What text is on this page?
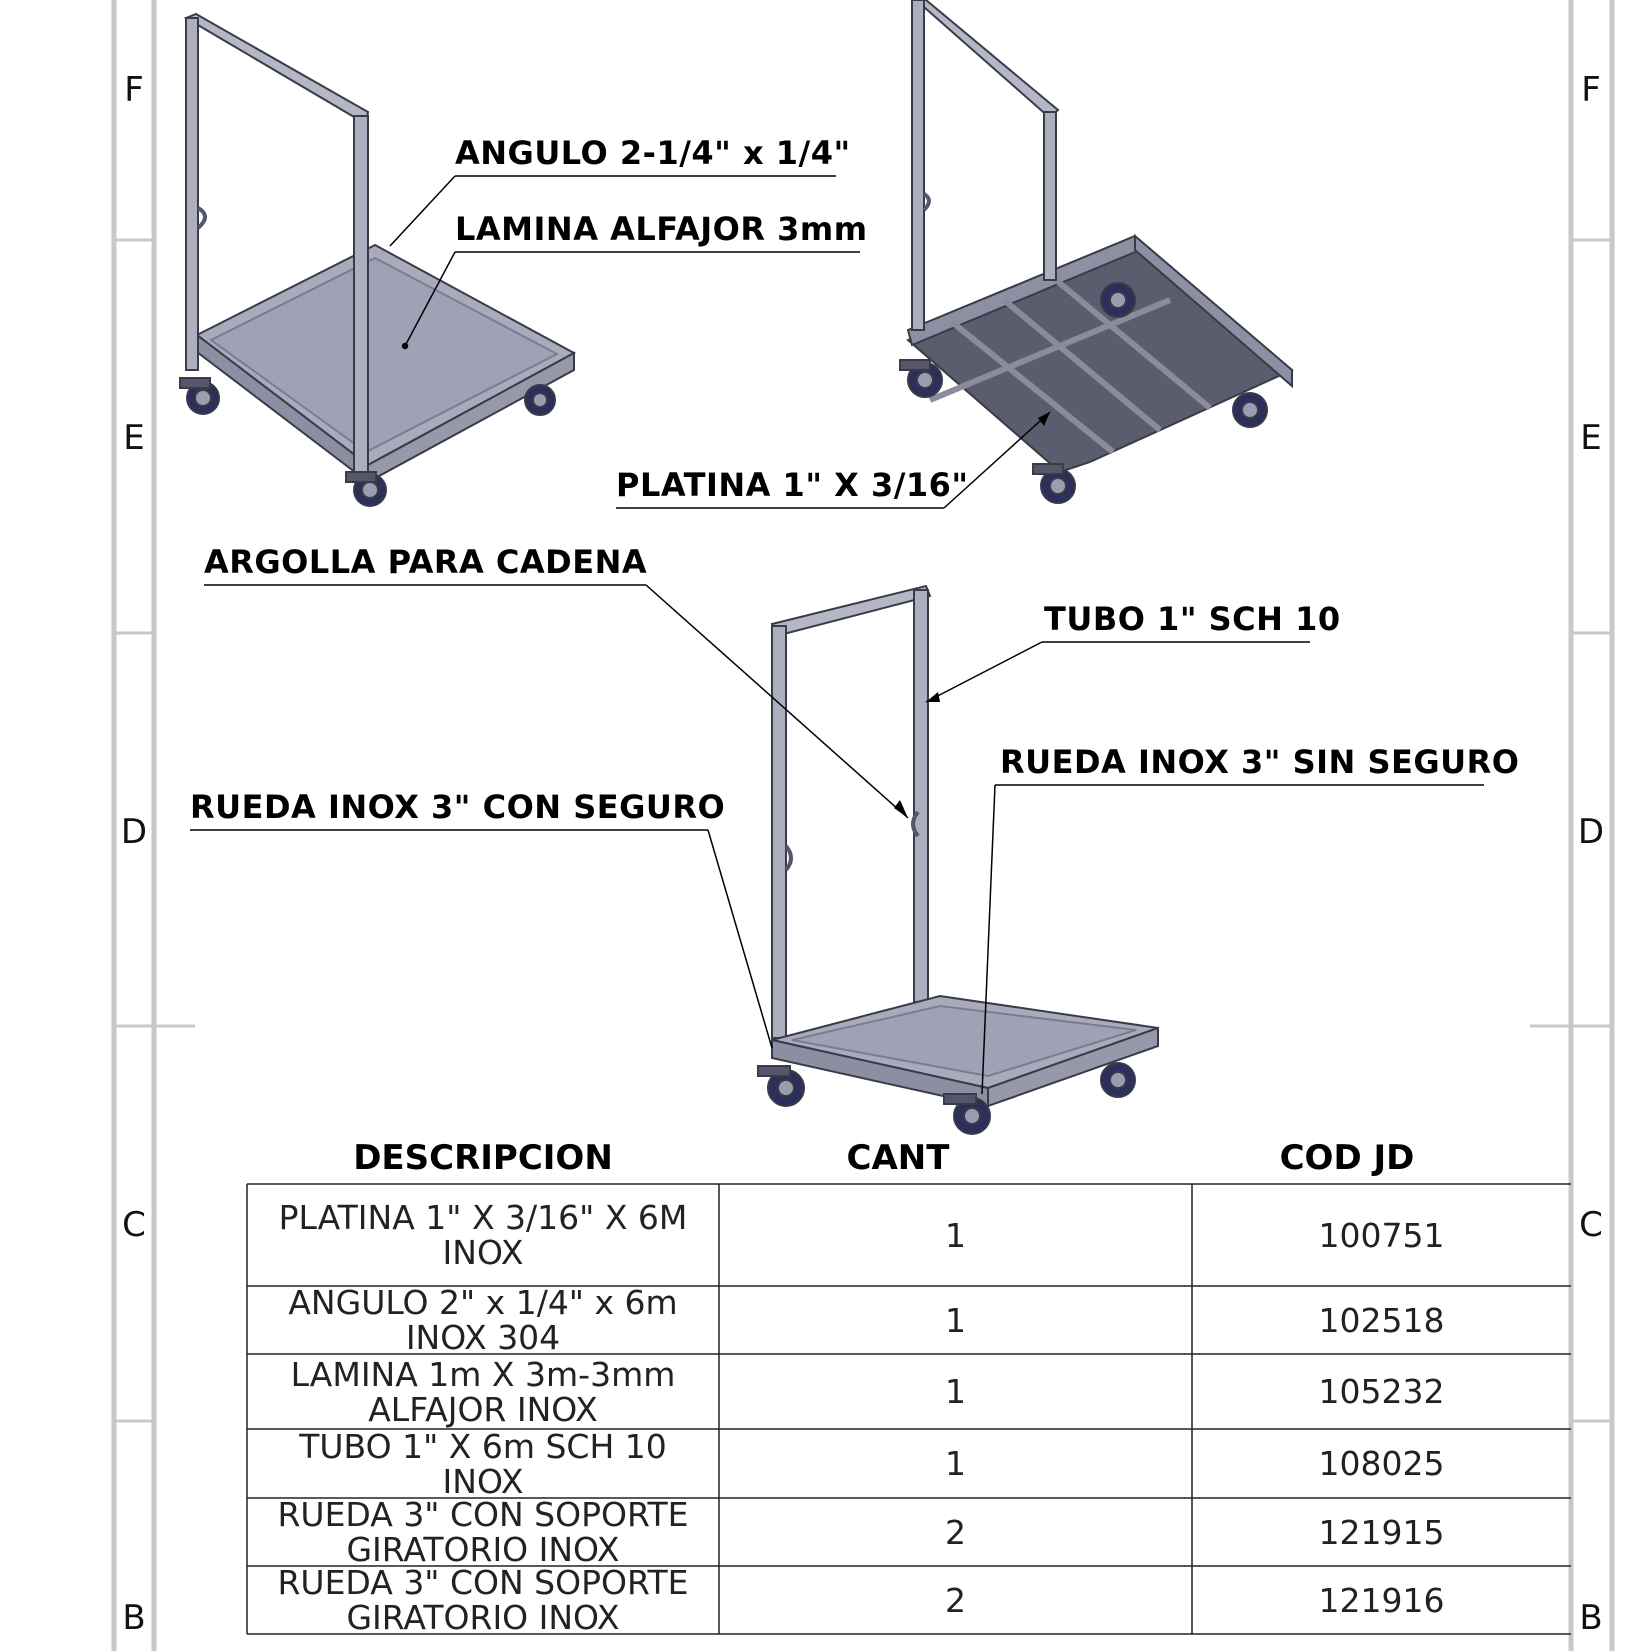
F
E
D
C
B
F
E
D
C
B
ANGULO 2-1/4" x 1/4"
LAMINA ALFAJOR 3mm
PLATINA 1" X 3/16"
ARGOLLA PARA CADENA
TUBO 1" SCH 10
RUEDA INOX 3" SIN SEGURO
RUEDA INOX 3" CON SEGURO
DESCRIPCION	CANT	COD JD
PLATINA 1" X 3/16" X 6M
INOX	1	100751
ANGULO 2" x 1/4" x 6m
INOX 304	1	102518
LAMINA 1m X 3m-3mm
ALFAJOR INOX	1	105232
TUBO 1" X 6m SCH 10
INOX	1	108025
RUEDA 3" CON SOPORTE
GIRATORIO INOX	2	121915
RUEDA 3" CON SOPORTE
GIRATORIO INOX	2	121916
